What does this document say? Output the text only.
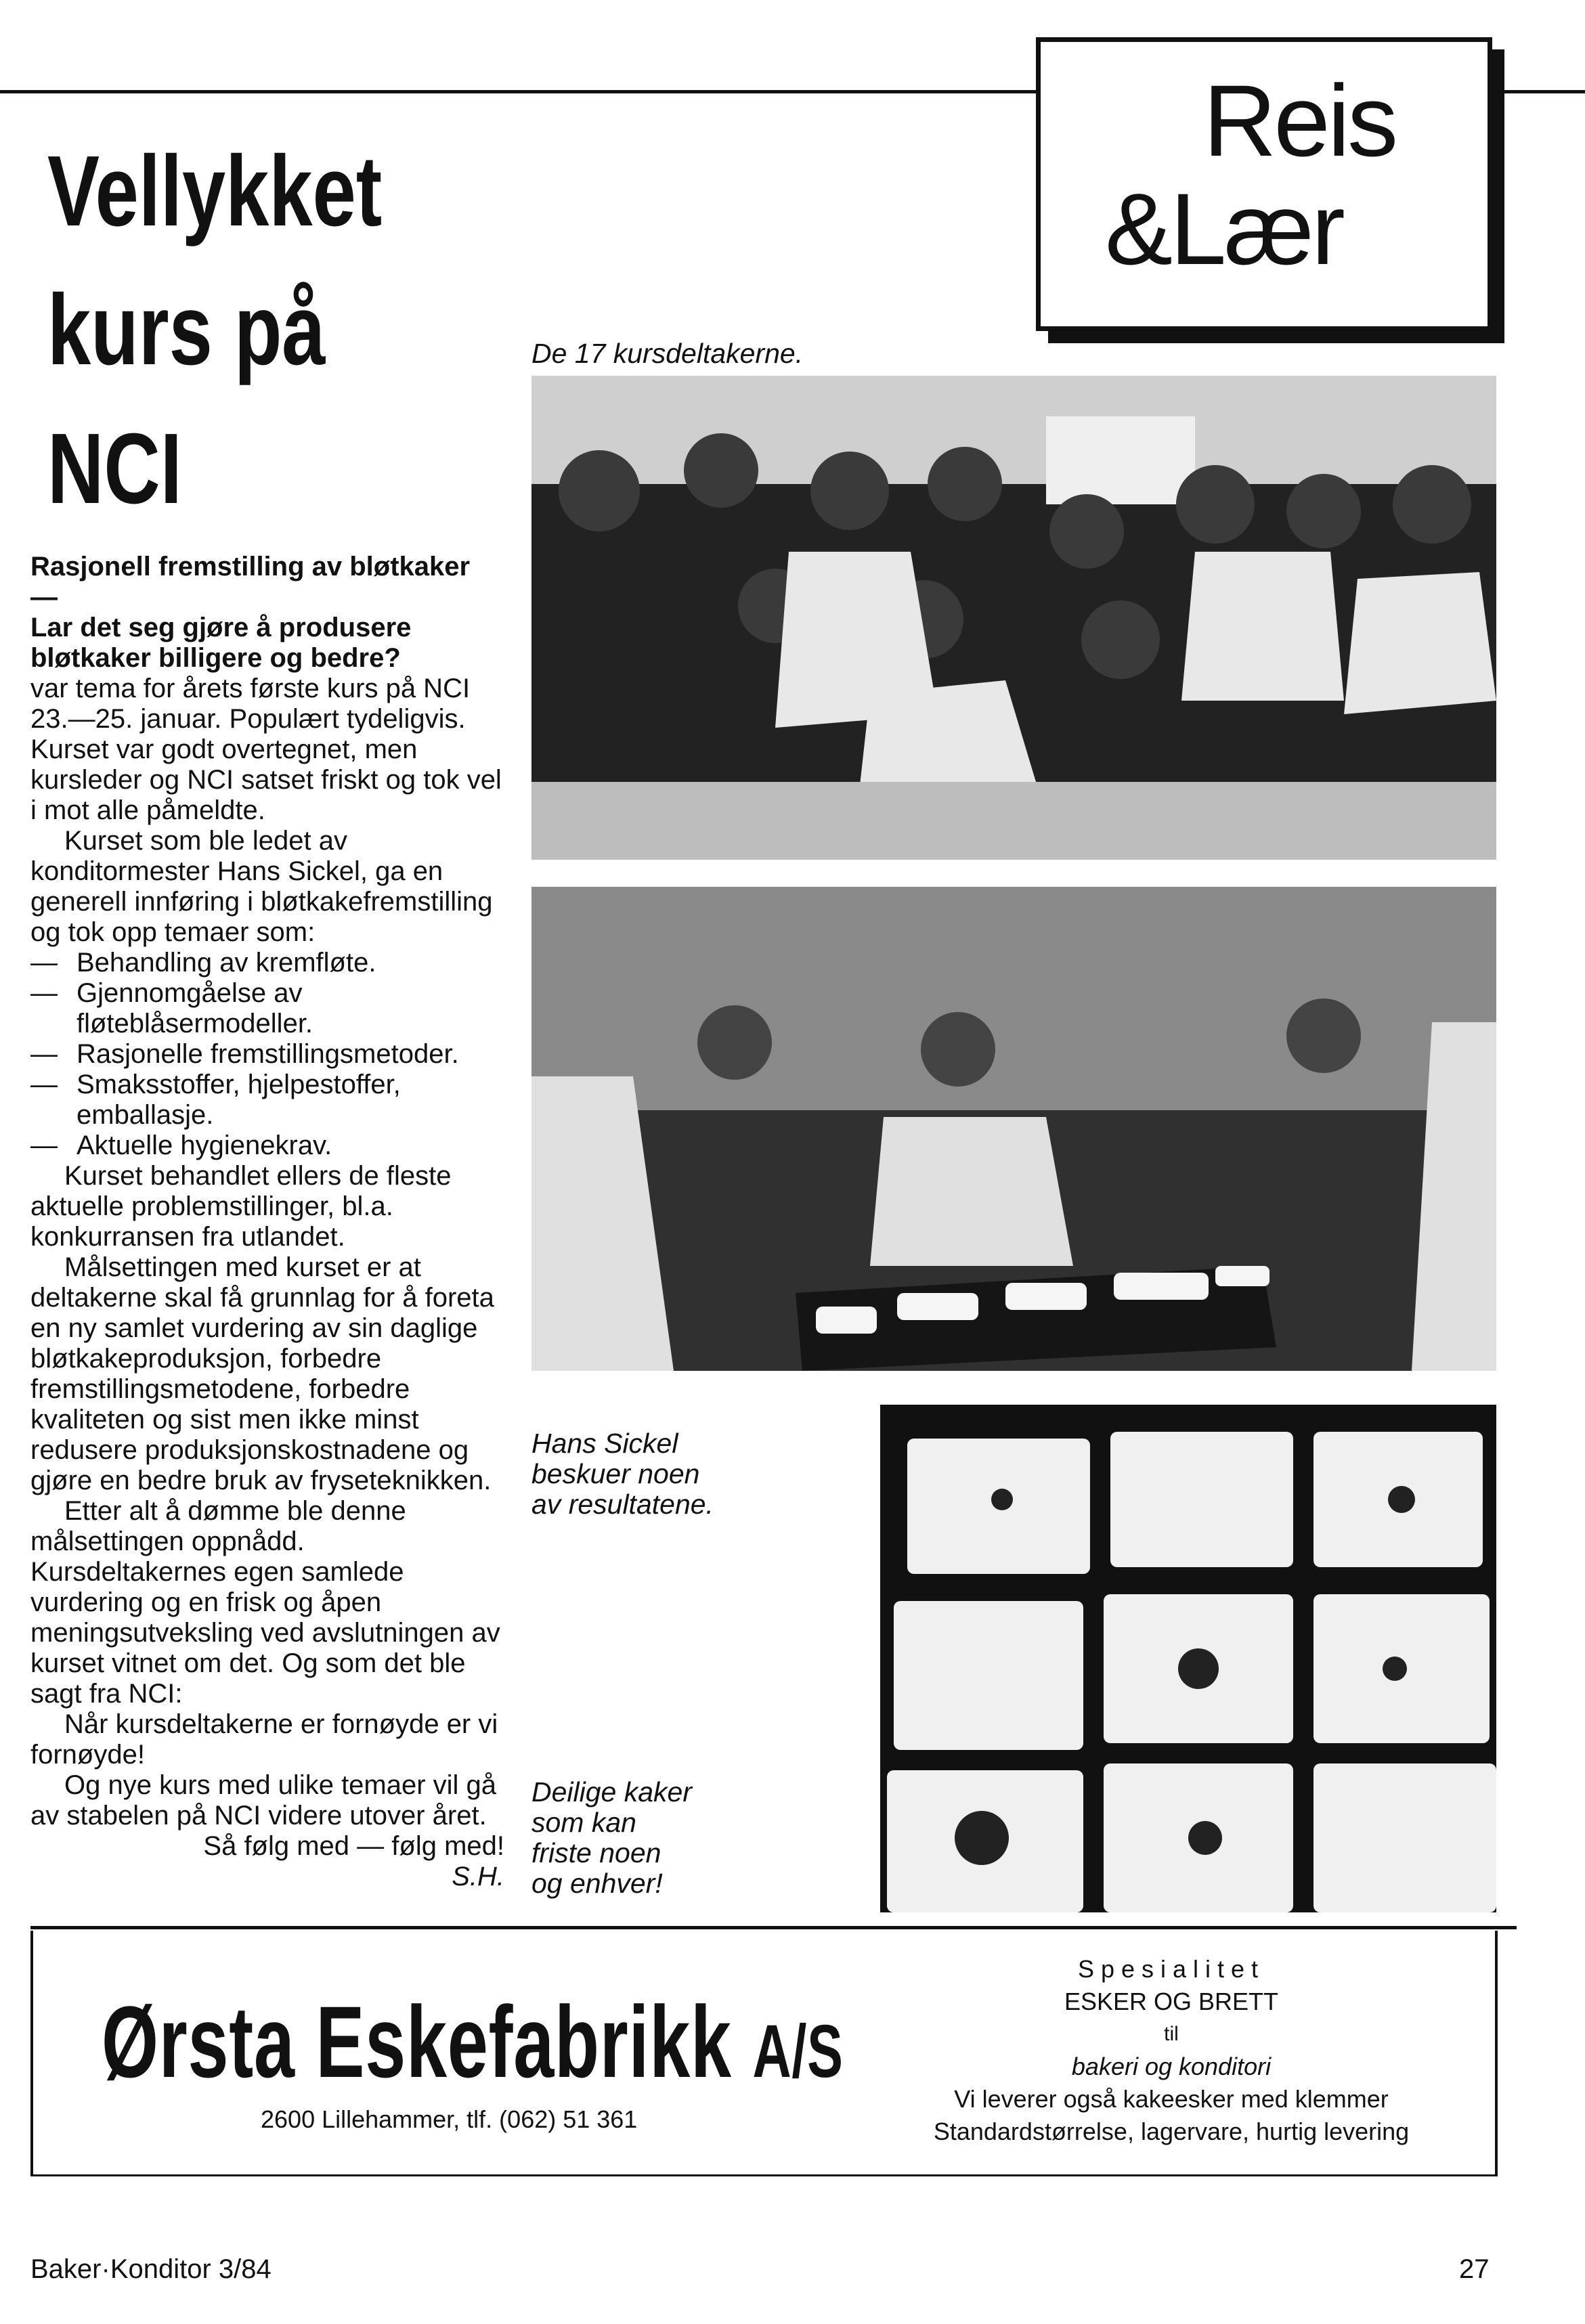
Reis
&Lær
Vellykket
kurs på
NCI
De 17 kursdeltakerne.
Hans Sickel
beskuer noen
av resultatene.
Deilige kaker
som kan
friste noen
og enhver!

Rasjonell fremstilling av bløtkaker

—

Lar det seg gjøre å produsere bløtkaker billigere og bedre?

var tema for årets første kurs på NCI 23.—25. januar. Populært tydeligvis. Kurset var godt overtegnet, men kursleder og NCI satset friskt og tok vel i mot alle påmeldte.

Kurset som ble ledet av konditormester Hans Sickel, ga en generell innføring i bløtkakefremstilling og tok opp temaer som:

— Behandling av kremfløte.
— Gjennomgåelse av fløteblåsermodeller.
— Rasjonelle fremstillingsmetoder.
— Smaksstoffer, hjelpestoffer, emballasje.
— Aktuelle hygienekrav.

Kurset behandlet ellers de fleste aktuelle problemstillinger, bl.a. konkurransen fra utlandet.

Målsettingen med kurset er at deltakerne skal få grunnlag for å foreta en ny samlet vurdering av sin daglige bløtkakeproduksjon, forbedre fremstillingsmetodene, forbedre kvaliteten og sist men ikke minst redusere produksjonskostnadene og gjøre en bedre bruk av fryseteknikken.

Etter alt å dømme ble denne målsettingen oppnådd. Kursdeltakernes egen samlede vurdering og en frisk og åpen meningsutveksling ved avslutningen av kurset vitnet om det. Og som det ble sagt fra NCI:

Når kursdeltakerne er fornøyde er vi fornøyde!

Og nye kurs med ulike temaer vil gå av stabelen på NCI videre utover året.

Så følg med — følg med!

S.H.

Ørsta Eskefabrikk A/S
2600 Lillehammer, tlf. (062) 51 361
Spesialitet
ESKER OG BRETT
til
bakeri og konditori
Vi leverer også kakeesker med klemmer
Standardstørrelse, lagervare, hurtig levering
Baker·Konditor 3/84	27
